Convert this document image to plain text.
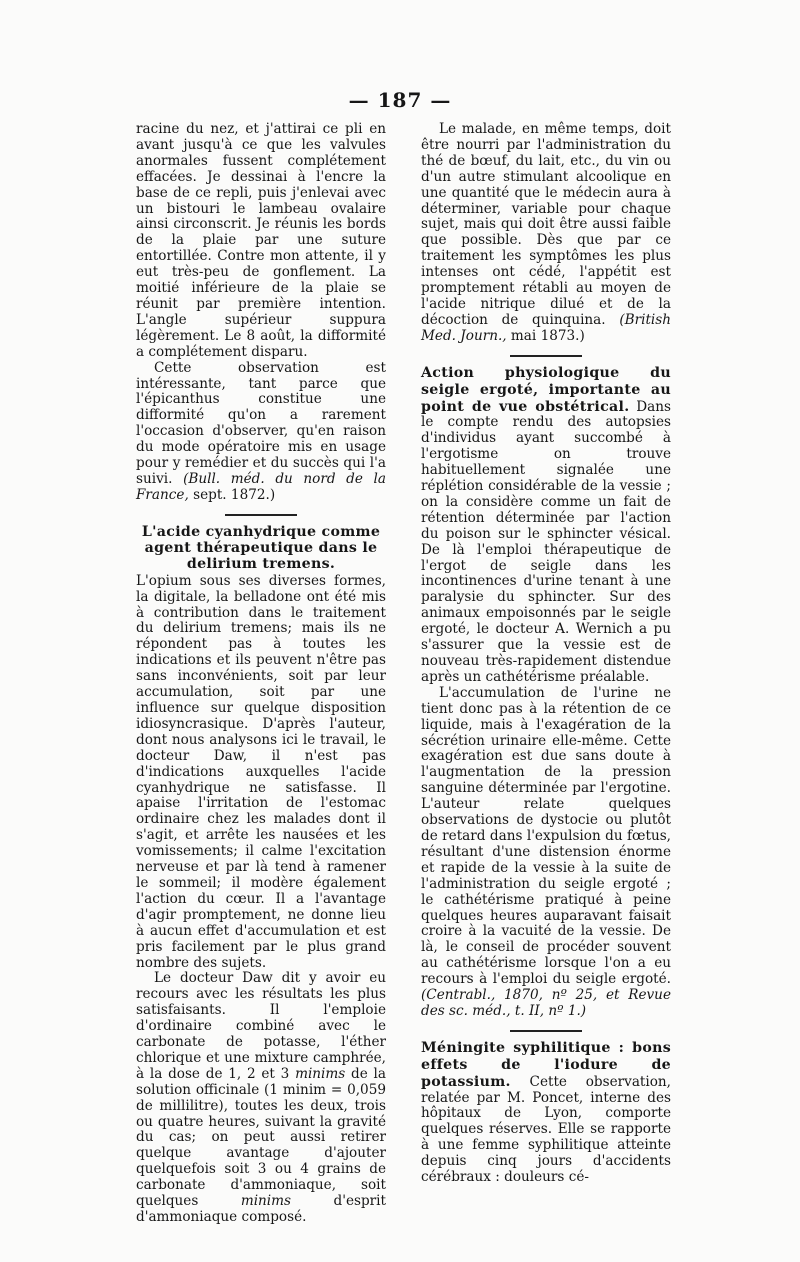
— 187 —

racine du nez, et j'attirai ce pli en avant jusqu'à ce que les valvules anormales fussent complétement effacées. Je dessinai à l'encre la base de ce repli, puis j'enlevai avec un bistouri le lambeau ovalaire ainsi circonscrit. Je réunis les bords de la plaie par une suture entortillée. Contre mon attente, il y eut très-peu de gonflement. La moitié inférieure de la plaie se réunit par première intention. L'angle supérieur suppura légèrement. Le 8 août, la difformité a complétement disparu.

Cette observation est intéressante, tant parce que l'épicanthus constitue une difformité qu'on a rarement l'occasion d'observer, qu'en raison du mode opératoire mis en usage pour y remédier et du succès qui l'a suivi. (Bull. méd. du nord de la France, sept. 1872.)

L'acide cyanhydrique comme agent thérapeutique dans le delirium tremens.

L'opium sous ses diverses formes, la digitale, la belladone ont été mis à contribution dans le traitement du delirium tremens; mais ils ne répondent pas à toutes les indications et ils peuvent n'être pas sans inconvénients, soit par leur accumulation, soit par une influence sur quelque disposition idiosyncrasique. D'après l'auteur, dont nous analysons ici le travail, le docteur Daw, il n'est pas d'indications auxquelles l'acide cyanhydrique ne satisfasse. Il apaise l'irritation de l'estomac ordinaire chez les malades dont il s'agit, et arrête les nausées et les vomissements; il calme l'excitation nerveuse et par là tend à ramener le sommeil; il modère également l'action du cœur. Il a l'avantage d'agir promptement, ne donne lieu à aucun effet d'accumulation et est pris facilement par le plus grand nombre des sujets.

Le docteur Daw dit y avoir eu recours avec les résultats les plus satisfaisants. Il l'emploie d'ordinaire combiné avec le carbonate de potasse, l'éther chlorique et une mixture camphrée, à la dose de 1, 2 et 3 minims de la solution officinale (1 minim = 0,059 de millilitre), toutes les deux, trois ou quatre heures, suivant la gravité du cas; on peut aussi retirer quelque avantage d'ajouter quelquefois soit 3 ou 4 grains de carbonate d'ammoniaque, soit quelques minims d'esprit d'ammoniaque composé.

Le malade, en même temps, doit être nourri par l'administration du thé de bœuf, du lait, etc., du vin ou d'un autre stimulant alcoolique en une quantité que le médecin aura à déterminer, variable pour chaque sujet, mais qui doit être aussi faible que possible. Dès que par ce traitement les symptômes les plus intenses ont cédé, l'appétit est promptement rétabli au moyen de l'acide nitrique dilué et de la décoction de quinquina. (British Med. Journ., mai 1873.)

Action physiologique du seigle ergoté, importante au point de vue obstétrical. Dans le compte rendu des autopsies d'individus ayant succombé à l'ergotisme on trouve habituellement signalée une réplétion considérable de la vessie ; on la considère comme un fait de rétention déterminée par l'action du poison sur le sphincter vésical. De là l'emploi thérapeutique de l'ergot de seigle dans les incontinences d'urine tenant à une paralysie du sphincter. Sur des animaux empoisonnés par le seigle ergoté, le docteur A. Wernich a pu s'assurer que la vessie est de nouveau très-rapidement distendue après un cathétérisme préalable.

L'accumulation de l'urine ne tient donc pas à la rétention de ce liquide, mais à l'exagération de la sécrétion urinaire elle-même. Cette exagération est due sans doute à l'augmentation de la pression sanguine déterminée par l'ergotine. L'auteur relate quelques observations de dystocie ou plutôt de retard dans l'expulsion du fœtus, résultant d'une distension énorme et rapide de la vessie à la suite de l'administration du seigle ergoté ; le cathétérisme pratiqué à peine quelques heures auparavant faisait croire à la vacuité de la vessie. De là, le conseil de procéder souvent au cathétérisme lorsque l'on a eu recours à l'emploi du seigle ergoté. (Centrabl., 1870, nº 25, et Revue des sc. méd., t. II, nº 1.)

Méningite syphilitique : bons effets de l'iodure de potassium. Cette observation, relatée par M. Poncet, interne des hôpitaux de Lyon, comporte quelques réserves. Elle se rapporte à une femme syphilitique atteinte depuis cinq jours d'accidents cérébraux : douleurs cé-
